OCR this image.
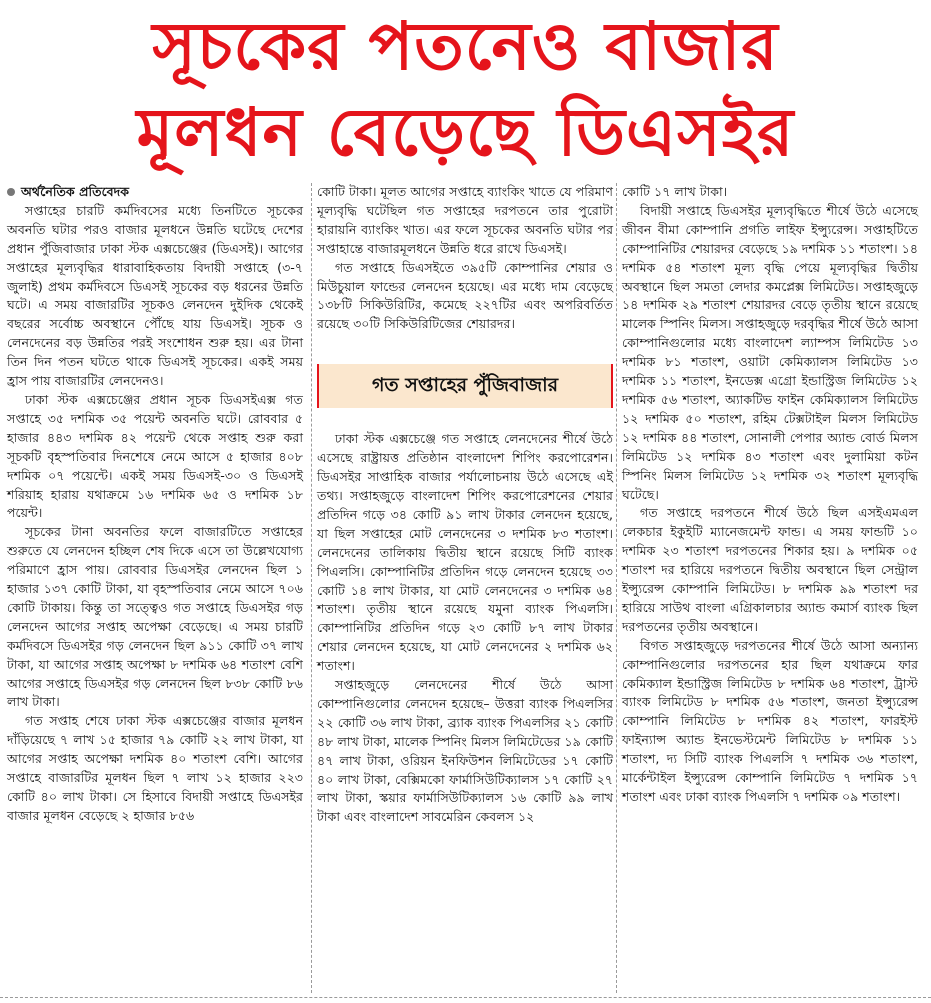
সূচকের পতনেও বাজার
মূলধন বেড়েছে ডিএসইর

অর্থনৈতিক প্রতিবেদক

সপ্তাহের চারটি কর্মদিবসের মধ্যে তিনটিতে সূচকের অবনতি ঘটার পরও বাজার মূলধনে উন্নতি ঘটেছে দেশের প্রধান পুঁজিবাজার ঢাকা স্টক এক্সচেঞ্জের (ডিএসই)। আগের সপ্তাহের মূল্যবৃদ্ধির ধারাবাহিকতায় বিদায়ী সপ্তাহে (৩-৭ জুলাই) প্রথম কর্মদিবসে ডিএসই সূচকের বড় ধরনের উন্নতি ঘটে। এ সময় বাজারটির সূচকও লেনদেন দুইদিক থেকেই বছরের সর্বোচ্চ অবস্থানে পৌঁছে যায় ডিএসই। সূচক ও লেনদেনের বড় উন্নতির পরই সংশোধন শুরু হয়। এর টানা তিন দিন পতন ঘটতে থাকে ডিএসই সূচকের। একই সময় হ্রাস পায় বাজারটির লেনদেনও।

ঢাকা স্টক এক্সচেঞ্জের প্রধান সূচক ডিএসইএক্স গত সপ্তাহে ৩৫ দশমিক ৩৫ পয়েন্ট অবনতি ঘটে। রোববার ৫ হাজার ৪৪৩ দশমিক ৪২ পয়েন্ট থেকে সপ্তাহ শুরু করা সূচকটি বৃহস্পতিবার দিনশেষে নেমে আসে ৫ হাজার ৪০৮ দশমিক ০৭ পয়েন্টে। একই সময় ডিএসই-৩০ ও ডিএসই শরিয়াহ হারায় যথাক্রমে ১৬ দশমিক ৬৫ ও দশমিক ১৮ পয়েন্ট।

সূচকের টানা অবনতির ফলে বাজারটিতে সপ্তাহের শুরুতে যে লেনদেন হচ্ছিল শেষ দিকে এসে তা উল্লেখযোগ্য পরিমাণে হ্রাস পায়। রোববার ডিএসইর লেনদেন ছিল ১ হাজার ১৩৭ কোটি টাকা, যা বৃহস্পতিবার নেমে আসে ৭০৬ কোটি টাকায়। কিন্তু তা সত্ত্বেও গত সপ্তাহে ডিএসইর গড় লেনদেন আগের সপ্তাহ অপেক্ষা বেড়েছে। এ সময় চারটি কর্মদিবসে ডিএসইর গড় লেনদেন ছিল ৯১১ কোটি ৩৭ লাখ টাকা, যা আগের সপ্তাহ অপেক্ষা ৮ দশমিক ৬৪ শতাংশ বেশি আগের সপ্তাহে ডিএসইর গড় লেনদেন ছিল ৮৩৮ কোটি ৮৬ লাখ টাকা।

গত সপ্তাহ শেষে ঢাকা স্টক এক্সচেঞ্জের বাজার মূলধন দাঁড়িয়েছে ৭ লাখ ১৫ হাজার ৭৯ কোটি ২২ লাখ টাকা, যা আগের সপ্তাহ অপেক্ষা দশমিক ৪০ শতাংশ বেশি। আগের সপ্তাহে বাজারটির মূলধন ছিল ৭ লাখ ১২ হাজার ২২৩ কোটি ৪০ লাখ টাকা। সে হিসাবে বিদায়ী সপ্তাহে ডিএসইর বাজার মূলধন বেড়েছে ২ হাজার ৮৫৬

কোটি টাকা। মূলত আগের সপ্তাহে ব্যাংকিং খাতে যে পরিমাণ মূল্যবৃদ্ধি ঘটেছিল গত সপ্তাহের দরপতনে তার পুরোটা হারায়নি ব্যাংকিং খাত। এর ফলে সূচকের অবনতি ঘটার পর সপ্তাহান্তে বাজারমূলধনে উন্নতি ধরে রাখে ডিএসই।

গত সপ্তাহে ডিএসইতে ৩৯৫টি কোম্পানির শেয়ার ও মিউচুয়াল ফান্ডের লেনদেন হয়েছে। এর মধ্যে দাম বেড়েছে ১৩৮টি সিকিউরিটির, কমেছে ২২৭টির এবং অপরিবর্তিত রয়েছে ৩০টি সিকিউরিটিজের শেয়ারদর।

গত সপ্তাহের পুঁজিবাজার

ঢাকা স্টক এক্সচেঞ্জে গত সপ্তাহে লেনদেনের শীর্ষে উঠে এসেছে রাষ্ট্রায়ত্ত প্রতিষ্ঠান বাংলাদেশ শিপিং করপোরেশন। ডিএসইর সাপ্তাহিক বাজার পর্যালোচনায় উঠে এসেছে এই তথ্য। সপ্তাহজুড়ে বাংলাদেশ শিপিং করপোরেশনের শেয়ার প্রতিদিন গড়ে ৩৪ কোটি ৯১ লাখ টাকার লেনদেন হয়েছে, যা ছিল সপ্তাহের মোট লেনদেনের ৩ দশমিক ৮৩ শতাংশ। লেনদেনের তালিকায় দ্বিতীয় স্থানে রয়েছে সিটি ব্যাংক পিএলসি। কোম্পানিটির প্রতিদিন গড়ে লেনদেন হয়েছে ৩৩ কোটি ১৪ লাখ টাকার, যা মোট লেনদেনের ৩ দশমিক ৬৪ শতাংশ। তৃতীয় স্থানে রয়েছে যমুনা ব্যাংক পিএলসি। কোম্পানিটির প্রতিদিন গড়ে ২৩ কোটি ৮৭ লাখ টাকার শেয়ার লেনদেন হয়েছে, যা মোট লেনদেনের ২ দশমিক ৬২ শতাংশ।

সপ্তাহজুড়ে লেনদেনের শীর্ষে উঠে আসা কোম্পানিগুলোর লেনদেন হয়েছে– উত্তরা ব্যাংক পিএলসির ২২ কোটি ৩৬ লাখ টাকা, ব্র্যাক ব্যাংক পিএলসির ২১ কোটি ৪৮ লাখ টাকা, মালেক স্পিনিং মিলস লিমিটেডের ১৯ কোটি ৪৭ লাখ টাকা, ওরিয়ন ইনফিউশন লিমিটেডের ১৭ কোটি ৪০ লাখ টাকা, বেক্সিমকো ফার্মাসিউটিক্যালস ১৭ কোটি ২৭ লাখ টাকা, স্কয়ার ফার্মাসিউটিক্যালস ১৬ কোটি ৯৯ লাখ টাকা এবং বাংলাদেশ সাবমেরিন কেবলস ১২

কোটি ১৭ লাখ টাকা।

বিদায়ী সপ্তাহে ডিএসইর মূল্যবৃদ্ধিতে শীর্ষে উঠে এসেছে জীবন বীমা কোম্পানি প্রগতি লাইফ ইন্স্যুরেন্স। সপ্তাহটিতে কোম্পানিটির শেয়ারদর বেড়েছে ১৯ দশমিক ১১ শতাংশ। ১৪ দশমিক ৫৪ শতাংশ মূল্য বৃদ্ধি পেয়ে মূল্যবৃদ্ধির দ্বিতীয় অবস্থানে ছিল সমতা লেদার কমপ্লেক্স লিমিটেড। সপ্তাহজুড়ে ১৪ দশমিক ২৯ শতাংশ শেয়ারদর বেড়ে তৃতীয় স্থানে রয়েছে মালেক স্পিনিং মিলস। সপ্তাহজুড়ে দরবৃদ্ধির শীর্ষে উঠে আসা কোম্পানিগুলোর মধ্যে বাংলাদেশ ল্যাম্পস লিমিটেড ১৩ দশমিক ৮১ শতাংশ, ওয়াটা কেমিক্যালস লিমিটেড ১৩ দশমিক ১১ শতাংশ, ইনডেক্স এগ্রো ইন্ডাস্ট্রিজ লিমিটেড ১২ দশমিক ৫৬ শতাংশ, অ্যাকটিভ ফাইন কেমিক্যালস লিমিটেড ১২ দশমিক ৫০ শতাংশ, রহিম টেক্সটাইল মিলস লিমিটেড ১২ দশমিক ৪৪ শতাংশ, সোনালী পেপার অ্যান্ড বোর্ড মিলস লিমিটেড ১২ দশমিক ৪৩ শতাংশ এবং দুলামিয়া কটন স্পিনিং মিলস লিমিটেড ১২ দশমিক ৩২ শতাংশ মূল্যবৃদ্ধি ঘটেছে।

গত সপ্তাহে দরপতনে শীর্ষে উঠে ছিল এসইএমএল লেকচার ইকুইটি ম্যানেজমেন্ট ফান্ড। এ সময় ফান্ডটি ১০ দশমিক ২৩ শতাংশ দরপতনের শিকার হয়। ৯ দশমিক ০৫ শতাংশ দর হারিয়ে দরপতনে দ্বিতীয় অবস্থানে ছিল সেন্ট্রাল ইন্স্যুরেন্স কোম্পানি লিমিটেড। ৮ দশমিক ৯৯ শতাংশ দর হারিয়ে সাউথ বাংলা এগ্রিকালচার অ্যান্ড কমার্স ব্যাংক ছিল দরপতনের তৃতীয় অবস্থানে।

বিগত সপ্তাহজুড়ে দরপতনের শীর্ষে উঠে আসা অন্যান্য কোম্পানিগুলোর দরপতনের হার ছিল যথাক্রমে ফার কেমিক্যাল ইন্ডাস্ট্রিজ লিমিটেড ৮ দশমিক ৬৪ শতাংশ, ট্রাস্ট ব্যাংক লিমিটেড ৮ দশমিক ৫৬ শতাংশ, জনতা ইন্স্যুরেন্স কোম্পানি লিমিটেড ৮ দশমিক ৪২ শতাংশ, ফারইস্ট ফাইন্যান্স অ্যান্ড ইনভেস্টমেন্ট লিমিটেড ৮ দশমিক ১১ শতাংশ, দ্য সিটি ব্যাংক পিএলসি ৭ দশমিক ৩৬ শতাংশ, মার্কেন্টাইল ইন্স্যুরেন্স কোম্পানি লিমিটেড ৭ দশমিক ১৭ শতাংশ এবং ঢাকা ব্যাংক পিএলসি ৭ দশমিক ০৯ শতাংশ।
